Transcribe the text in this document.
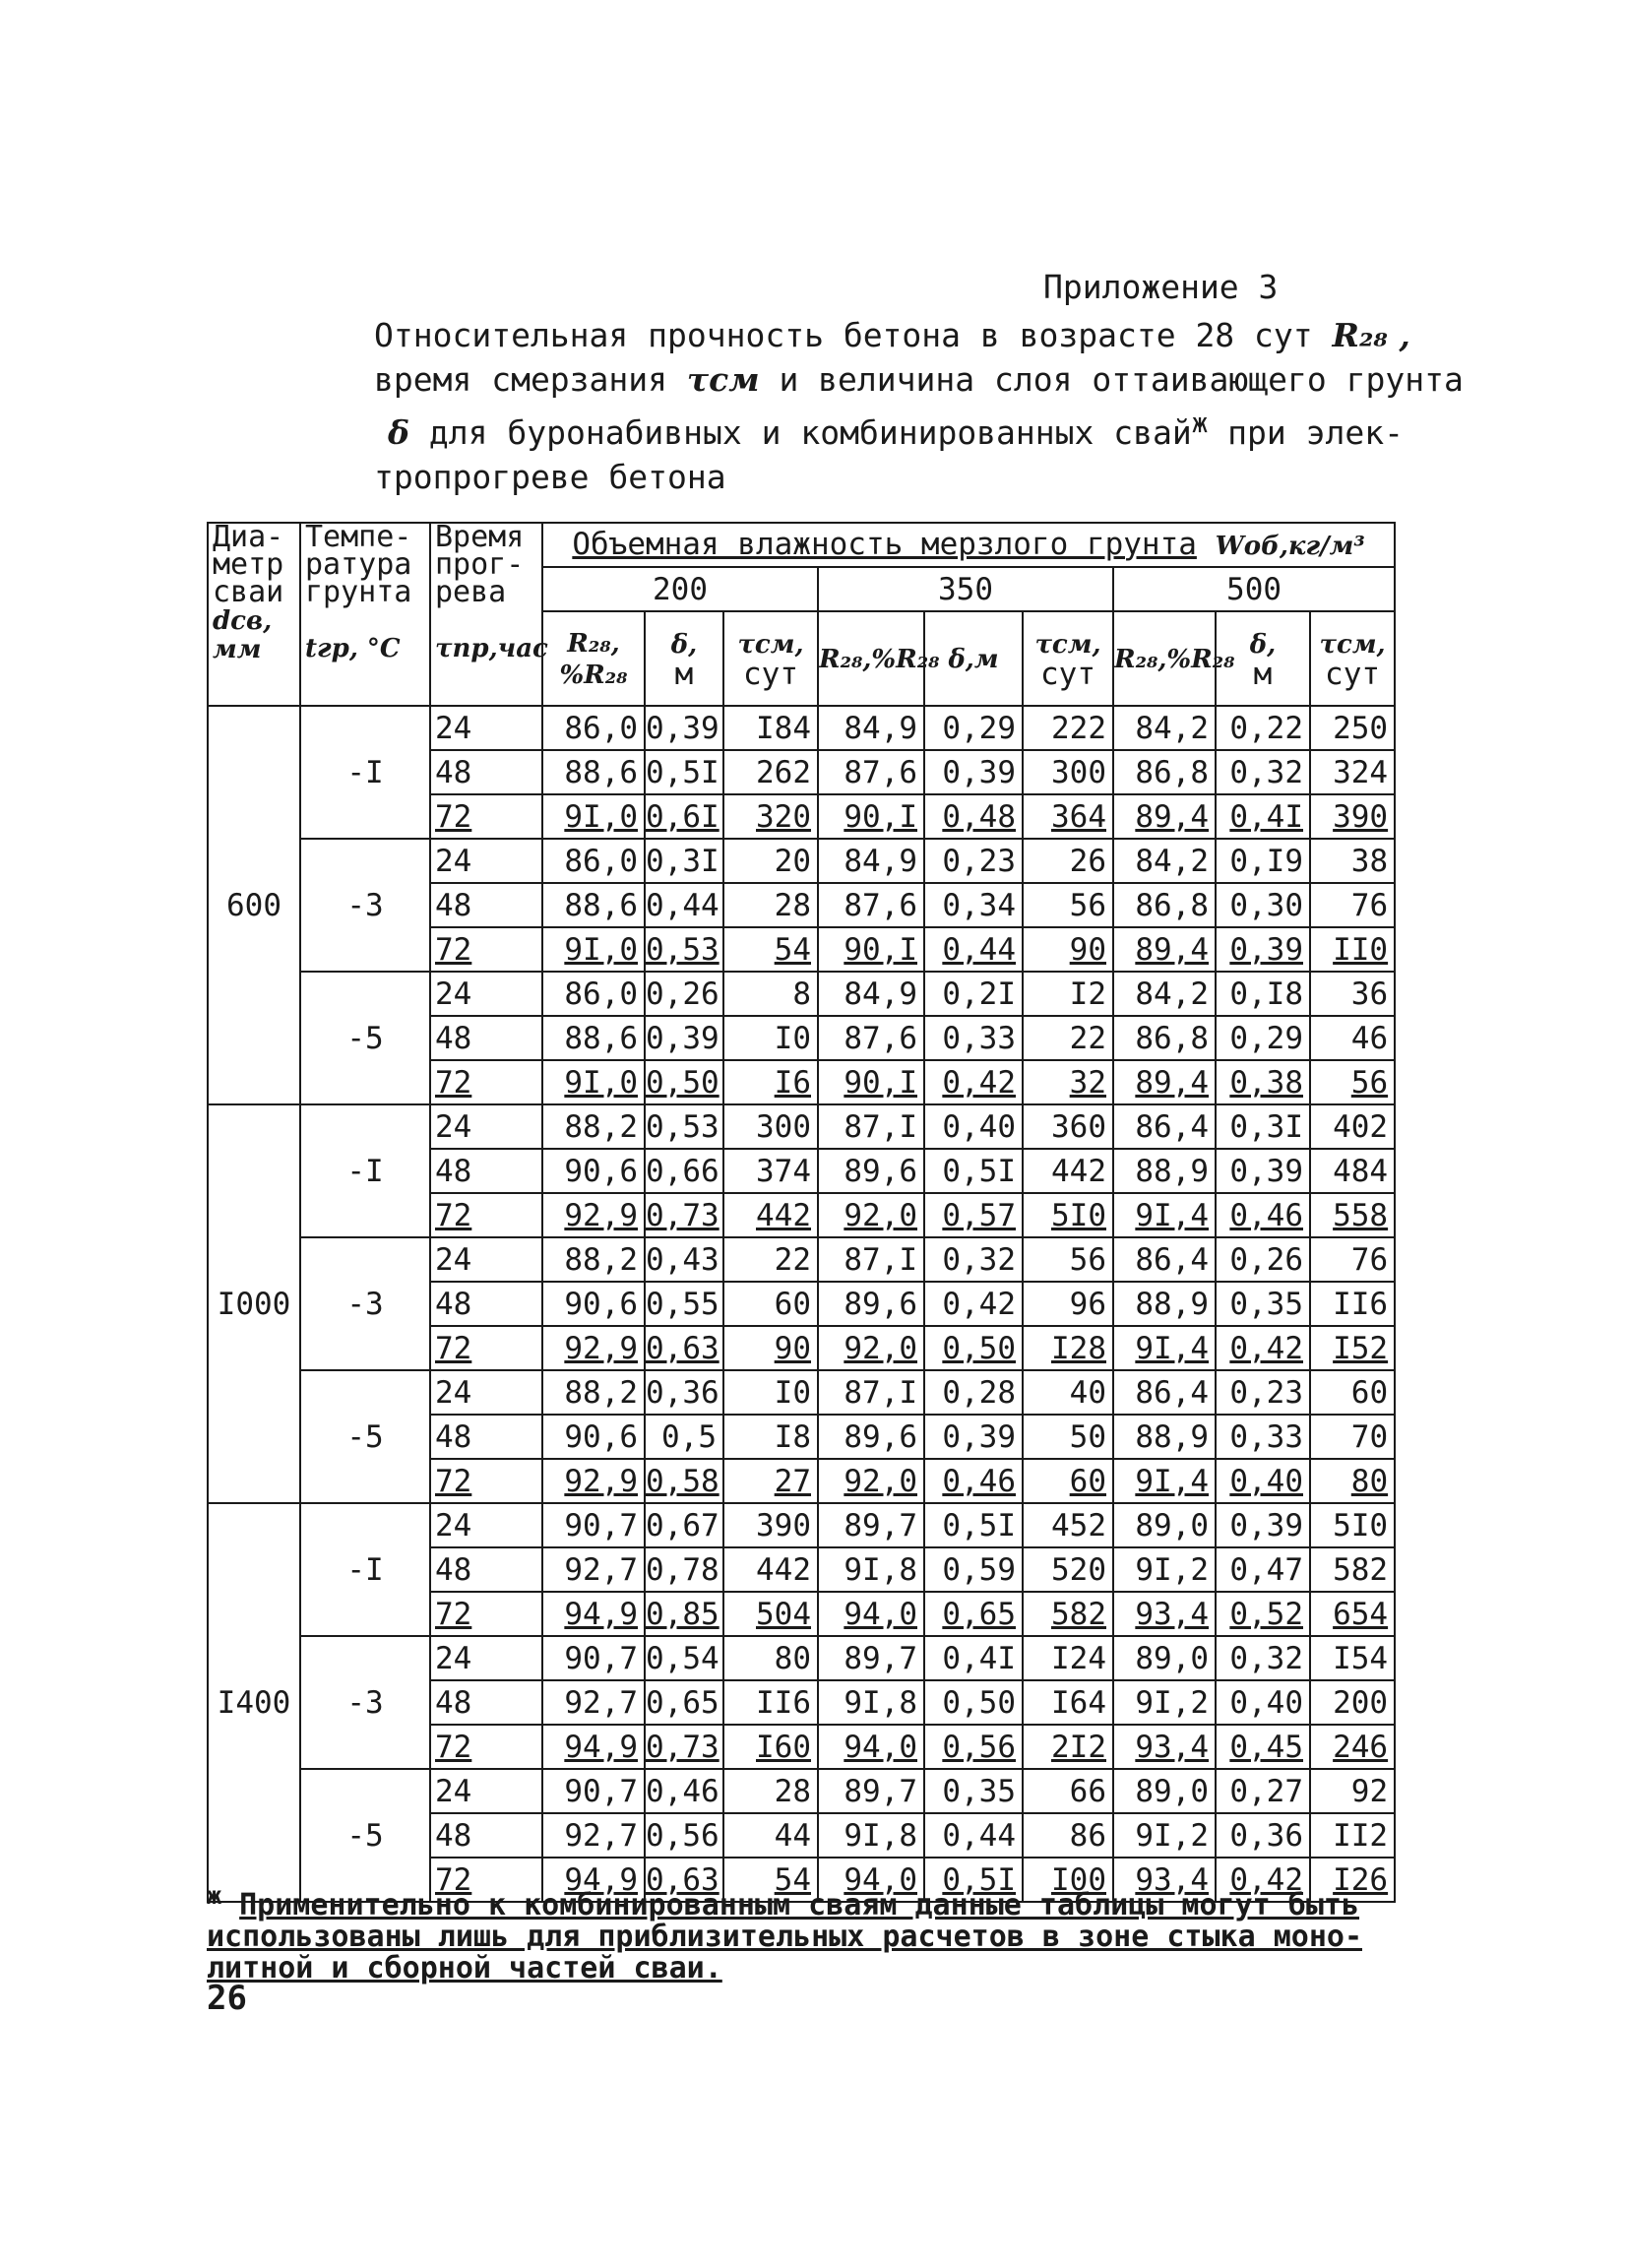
Приложение 3
Относительная прочность бетона в возрасте 28 сут R₂₈ ,
время смерзания τсм и величина слоя оттаивающего грунта
δ для буронабивных и комбинированных свай$^ж$ при элек-
тропрогреве бетона
Диа-
метр
сваи
dсв,
мм	Темпе-
ратура
грунта

tгр, °C	Время
прог-
рева

τпр,час	Объемная влажность мерзлого грунта Wоб,кг/м³								
			200			350			500		
			R₂₈,
%R₂₈	δ,
м	τсм,
сут	R₂₈,%R₂₈	δ,м	τсм,
сут	R₂₈,%R₂₈	δ,
м	τсм,
сут
600	-I	24	86,0	0,39	I84	84,9	0,29	222	84,2	0,22	250
		48	88,6	0,5I	262	87,6	0,39	300	86,8	0,32	324
		72	9I,0	0,6I	320	90,I	0,48	364	89,4	0,4I	390
	-3	24	86,0	0,3I	20	84,9	0,23	26	84,2	0,I9	38
		48	88,6	0,44	28	87,6	0,34	56	86,8	0,30	76
		72	9I,0	0,53	54	90,I	0,44	90	89,4	0,39	II0
	-5	24	86,0	0,26	8	84,9	0,2I	I2	84,2	0,I8	36
		48	88,6	0,39	I0	87,6	0,33	22	86,8	0,29	46
		72	9I,0	0,50	I6	90,I	0,42	32	89,4	0,38	56
I000	-I	24	88,2	0,53	300	87,I	0,40	360	86,4	0,3I	402
		48	90,6	0,66	374	89,6	0,5I	442	88,9	0,39	484
		72	92,9	0,73	442	92,0	0,57	5I0	9I,4	0,46	558
	-3	24	88,2	0,43	22	87,I	0,32	56	86,4	0,26	76
		48	90,6	0,55	60	89,6	0,42	96	88,9	0,35	II6
		72	92,9	0,63	90	92,0	0,50	I28	9I,4	0,42	I52
	-5	24	88,2	0,36	I0	87,I	0,28	40	86,4	0,23	60
		48	90,6	0,5	I8	89,6	0,39	50	88,9	0,33	70
		72	92,9	0,58	27	92,0	0,46	60	9I,4	0,40	80
I400	-I	24	90,7	0,67	390	89,7	0,5I	452	89,0	0,39	5I0
		48	92,7	0,78	442	9I,8	0,59	520	9I,2	0,47	582
		72	94,9	0,85	504	94,0	0,65	582	93,4	0,52	654
	-3	24	90,7	0,54	80	89,7	0,4I	I24	89,0	0,32	I54
		48	92,7	0,65	II6	9I,8	0,50	I64	9I,2	0,40	200
		72	94,9	0,73	I60	94,0	0,56	2I2	93,4	0,45	246
	-5	24	90,7	0,46	28	89,7	0,35	66	89,0	0,27	92
		48	92,7	0,56	44	9I,8	0,44	86	9I,2	0,36	II2
		72	94,9	0,63	54	94,0	0,5I	I00	93,4	0,42	I26
$^ж$ Применительно к комбинированным сваям данные таблицы могут быть
использованы лишь для приблизительных расчетов в зоне стыка моно-
литной и сборной частей сваи.
26
